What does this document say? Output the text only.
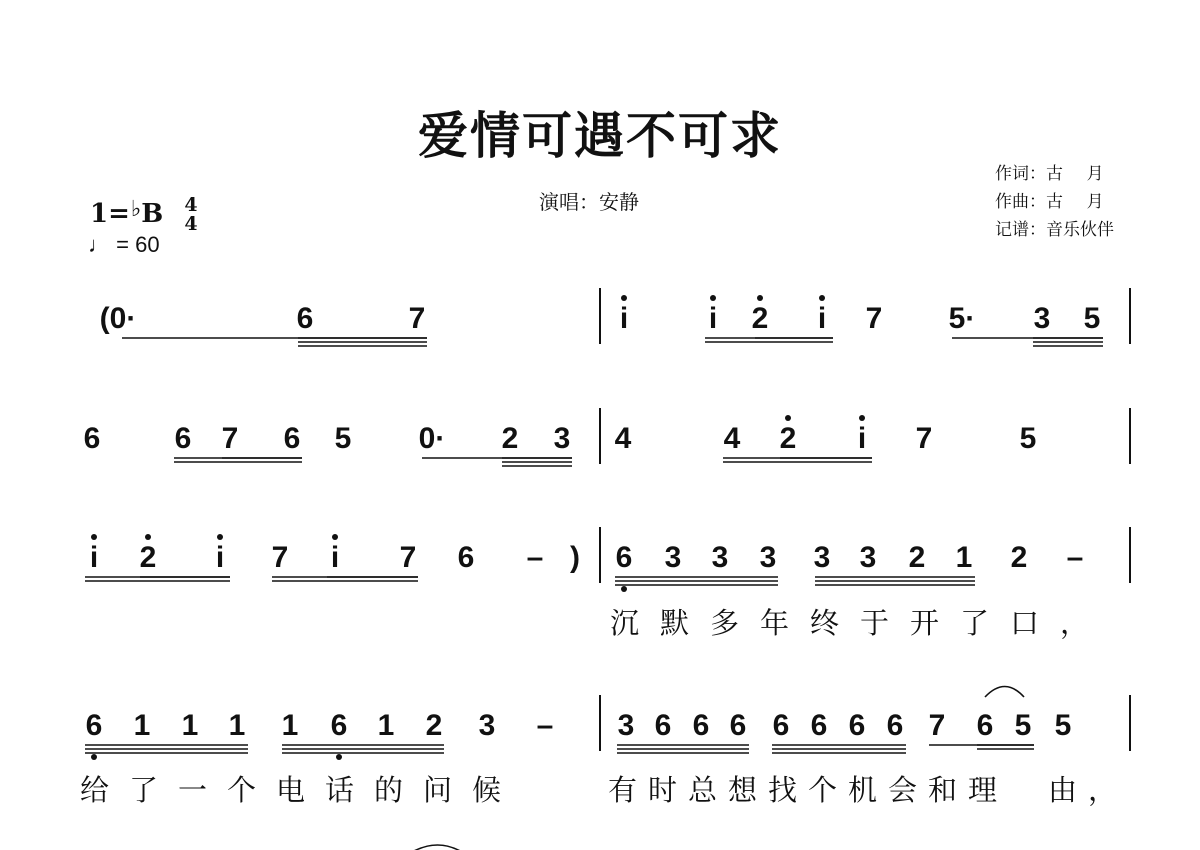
爱情可遇不可求
演唱：安静
作词：古     月
作曲：古     月
记谱：音乐伙伴
1=♭B 4
4
♩ = 60
(0·	6	7	i	i 2 i 7 5· 3 5
6 6 7 6 5 0· 2 3 4	4 2 i 7	5
i 2 i 7 i 7 6 – ) 6 3 3 3 3 3 2 1 2 –
6 1 1 1 1 6 1 2 3 – 3 6 6 6 6 6 6 6 7 6 5 5
沉 默 多 年 终 于 开 了 口 ，
给 了 一 个 电 话 的 问 候	有 时 总 想 找 个 机 会 和 理
　 由 ，
